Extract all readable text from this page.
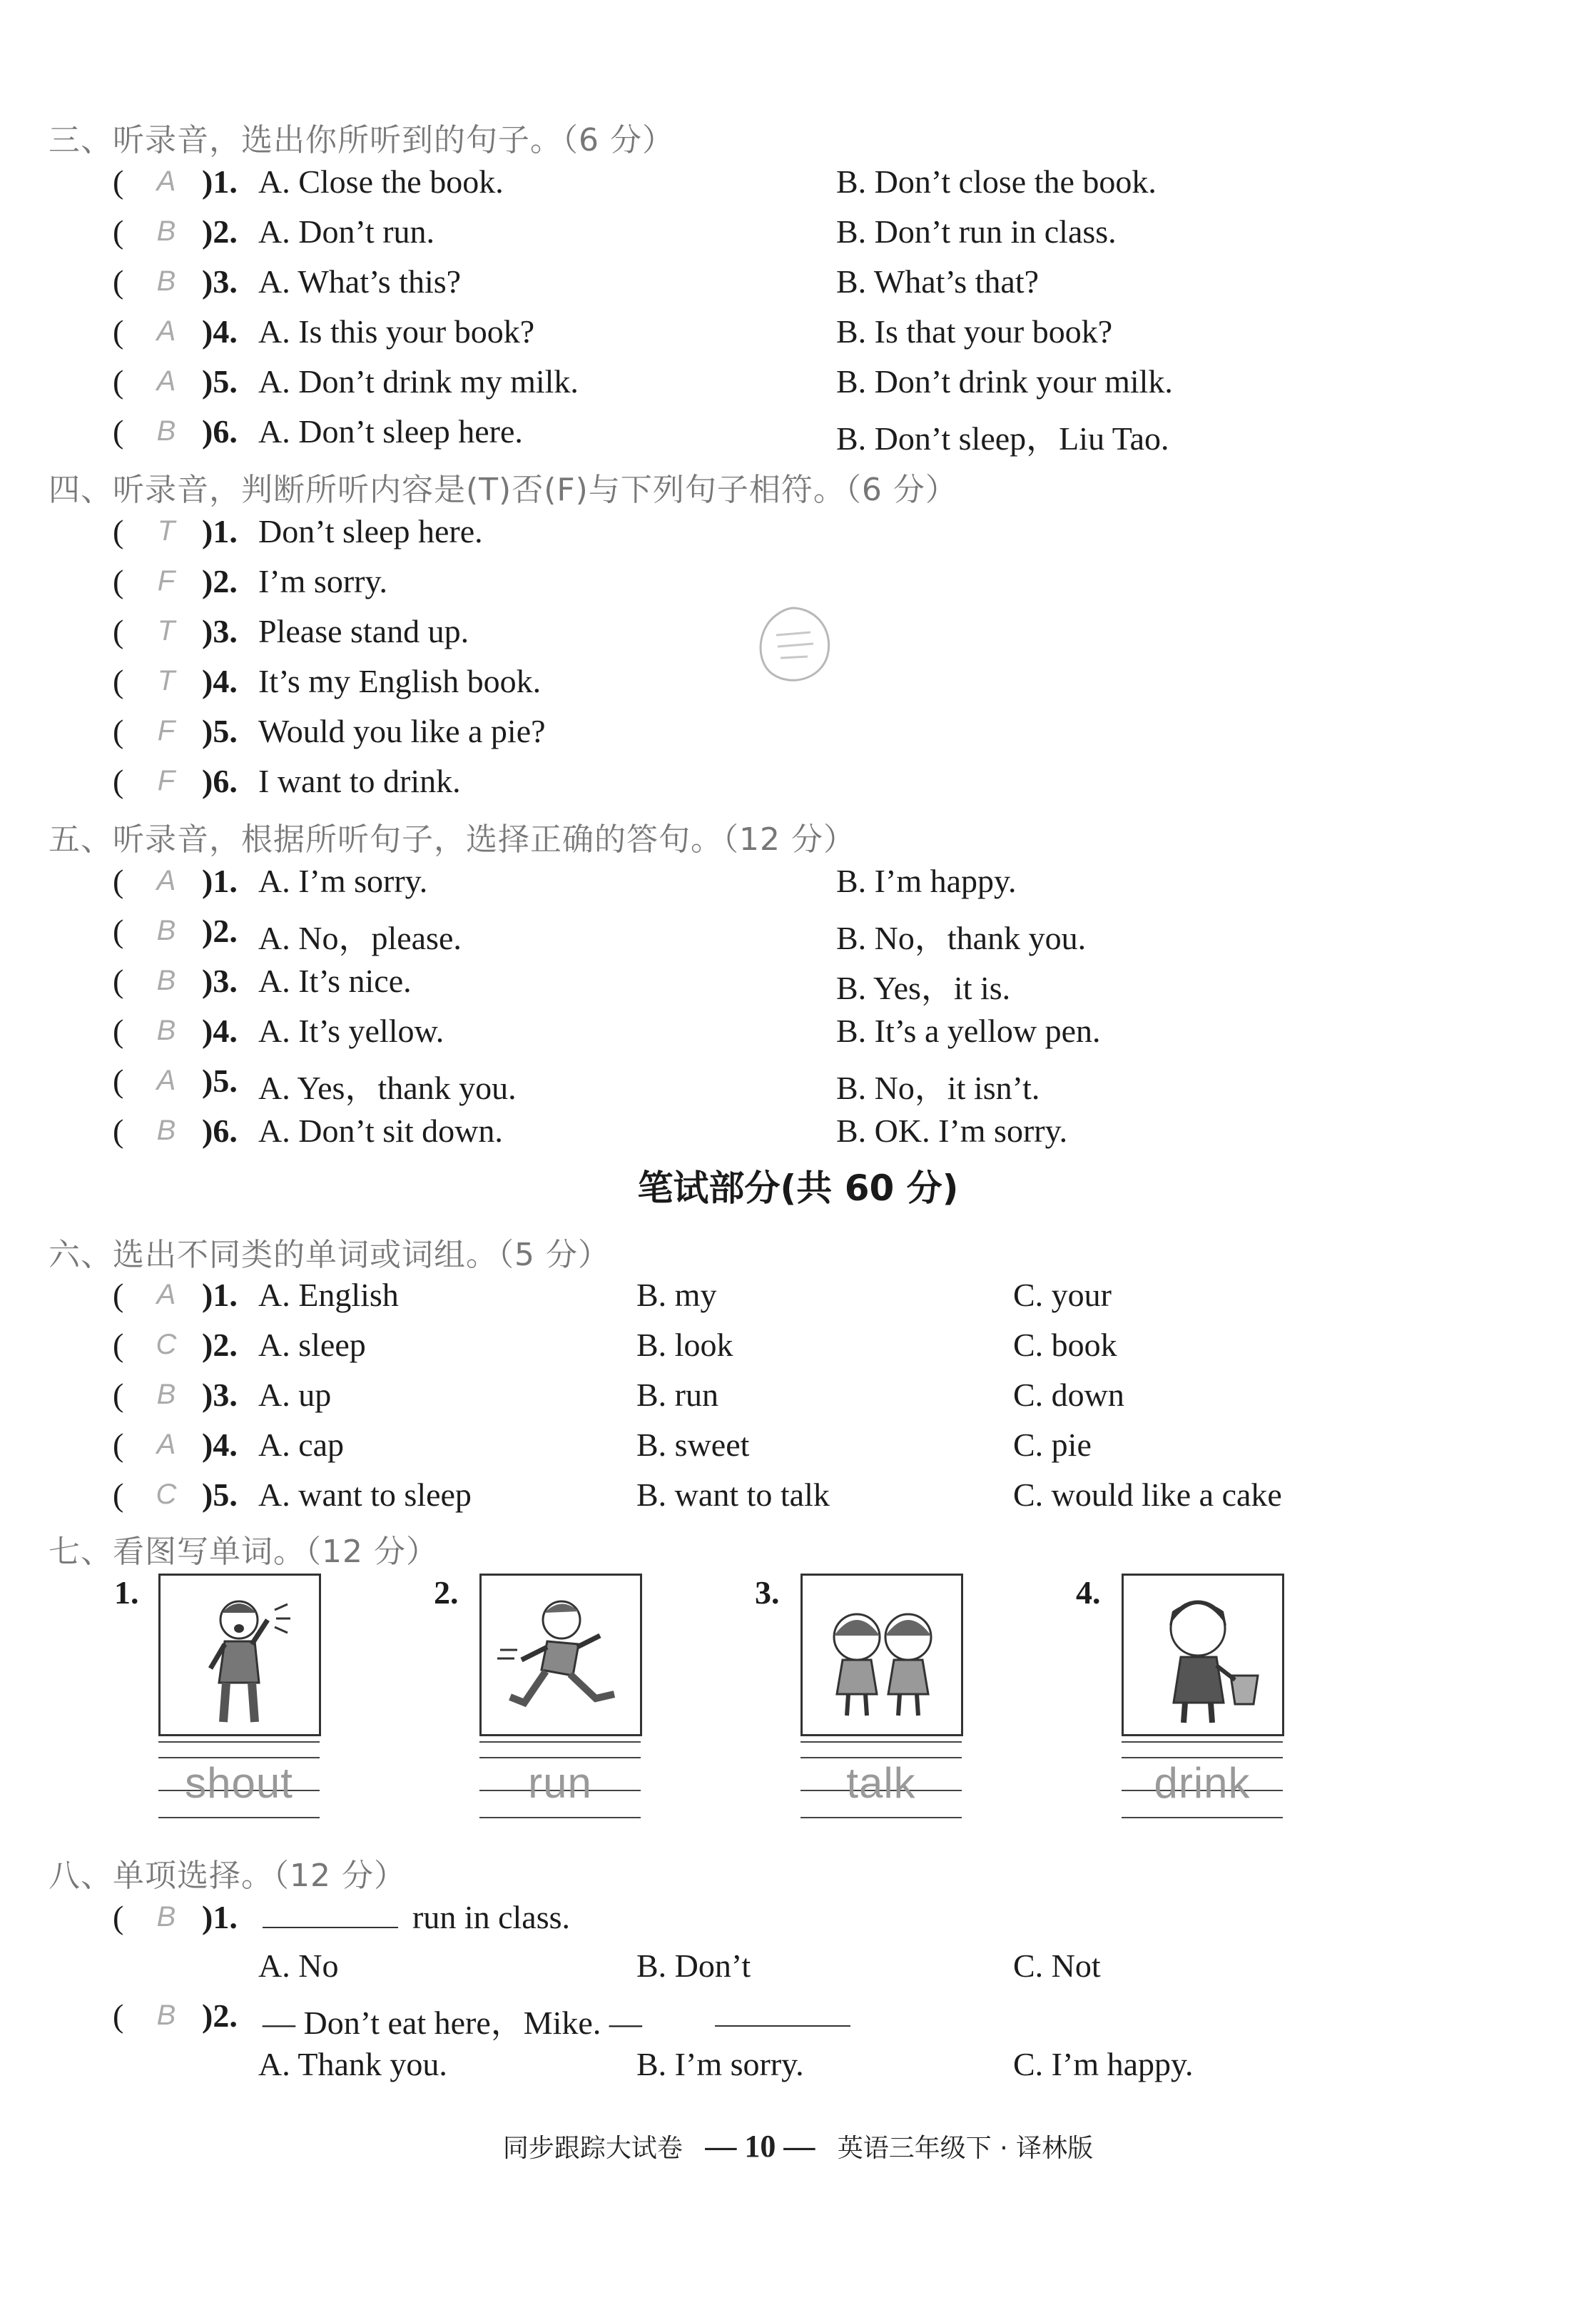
三、听录音，选出你所听到的句子。（6 分）
( A )1. A. Close the book.	B. Don’t close the book.
( B )2. A. Don’t run.	B. Don’t run in class.
( B )3. A. What’s this?	B. What’s that?
( A )4. A. Is this your book?	B. Is that your book?
( A )5. A. Don’t drink my milk.	B. Don’t drink your milk.
( B )6. A. Don’t sleep here.	B. Don’t sleep，Liu Tao.
四、听录音，判断所听内容是(T)否(F)与下列句子相符。（6 分）
(	T )1. Don’t sleep here.
(	F )2. I’m sorry.
(	T )3. Please stand up.
(	T )4. It’s my English book.
(	F )5. Would you like a pie?
(	F )6. I want to drink.
五、听录音，根据所听句子，选择正确的答句。（12 分）
( A )1. A. I’m sorry.	B. I’m happy.
( B )2. A. No，please.	B. No，thank you.
( B )3. A. It’s nice.	B. Yes，it is.
( B )4. A. It’s yellow.	B. It’s a yellow pen.
( A )5. A. Yes，thank you.	B. No，it isn’t.
( B )6. A. Don’t sit down.	B. OK. I’m sorry.
笔试部分(共 60 分)
六、选出不同类的单词或词组。（5 分）
( A )1. A. English	B. my	C. your
( C )2. A. sleep	B. look	C. book
( B )3. A. up	B. run	C. down
( A )4. A. cap	B. sweet	C. pie
( C )5. A. want to sleep	B. want to talk	C. would like a cake
七、看图写单词。（12 分）
1.
shout
2.
run
3.
talk
4.
drink
八、单项选择。（12 分）
( B )1.	run in class.
A. No	B. Don’t	C. Not
( B )2. — Don’t eat here，Mike. —
A. Thank you.	B. I’m sorry.	C. I’m happy.
同步跟踪大试卷 — 10 — 英语三年级下 · 译林版
